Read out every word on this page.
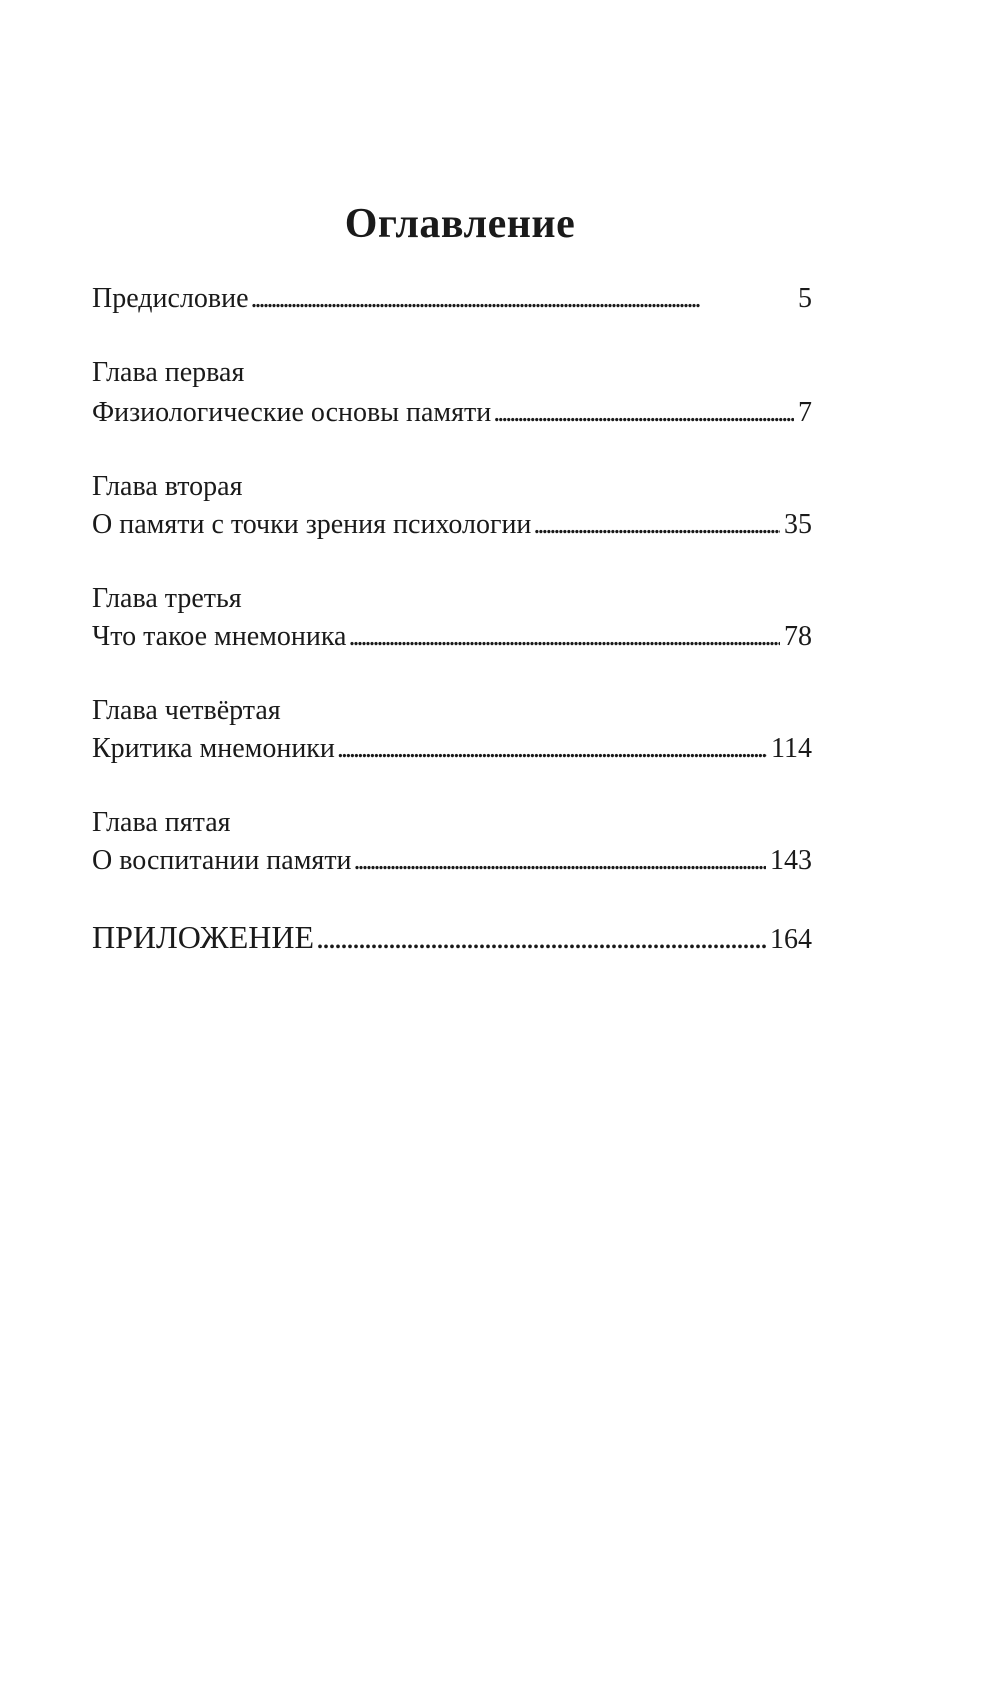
Оглавление
Предисловие . . .	5
Глава первая
Физиологические основы памяти . . .	7
Глава вторая
О памяти с точки зрения психологии . . .	35
Глава третья
Что такое мнемоника . . .	78
Глава четвёртая
Критика мнемоники . . .	114
Глава пятая
О воспитании памяти . . .	143
ПРИЛОЖЕНИЕ . . .	164
